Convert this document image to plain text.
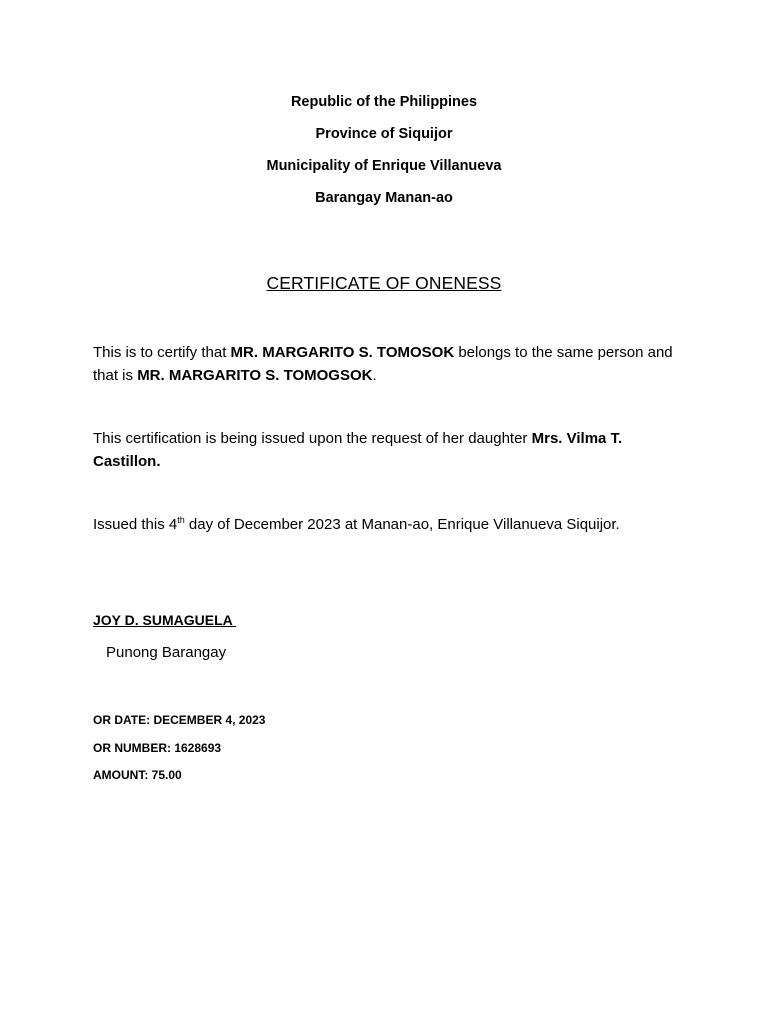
Republic of the Philippines
Province of Siquijor
Municipality of Enrique Villanueva
Barangay Manan-ao
CERTIFICATE OF ONENESS
This is to certify that MR. MARGARITO S. TOMOSOK belongs to the same person and that is MR. MARGARITO S. TOMOGSOK.
This certification is being issued upon the request of her daughter Mrs. Vilma T. Castillon.
Issued this 4th day of December 2023 at Manan-ao, Enrique Villanueva Siquijor.
JOY D. SUMAGUELA
Punong Barangay
OR DATE: DECEMBER 4, 2023
OR NUMBER: 1628693
AMOUNT: 75.00
